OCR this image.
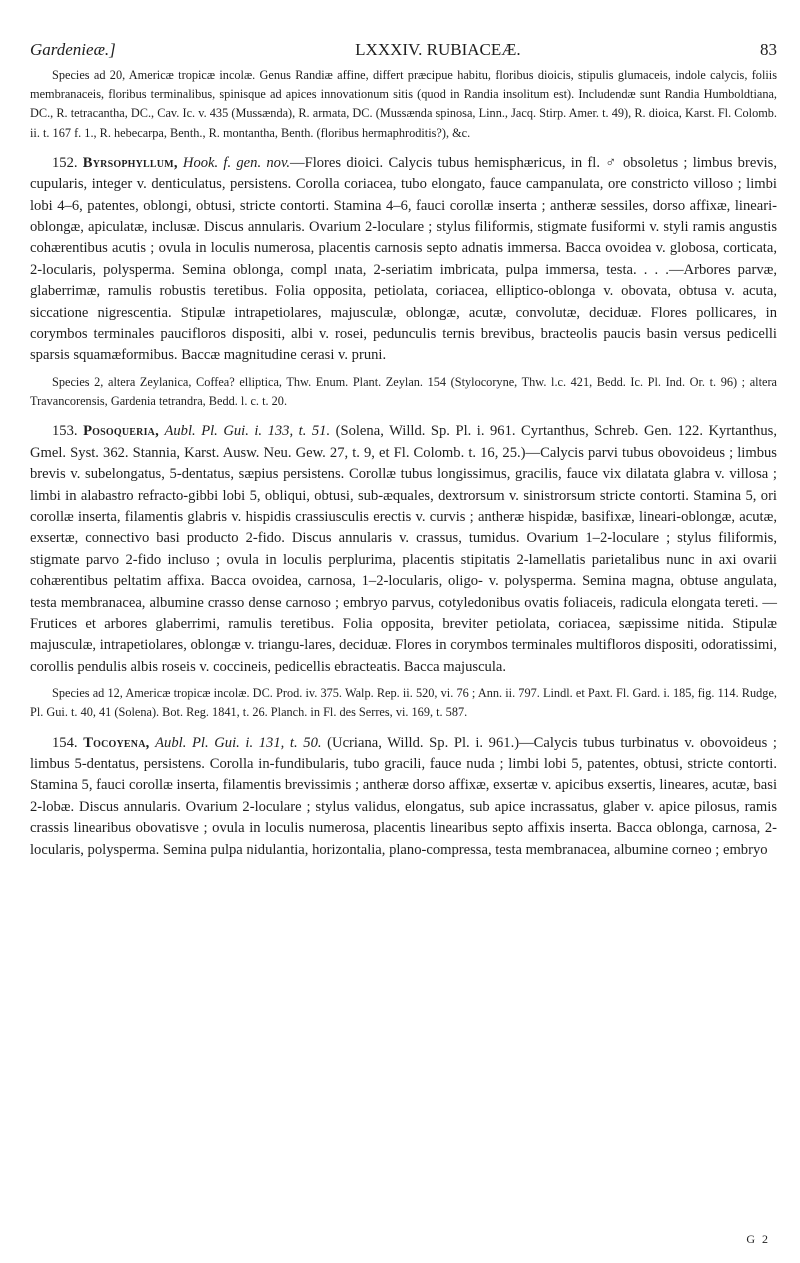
Gardenieæ.]	LXXXIV. RUBIACEÆ.	83

Species ad 20, Americæ tropicæ incolæ. Genus Randiæ affine, differt præcipue habitu, floribus dioicis, stipulis glumaceis, indole calycis, foliis membranaceis, floribus terminalibus, spinisque ad apices innovationum sitis (quod in Randia insolitum est). Includendæ sunt Randia Humboldtiana, DC., R. tetracantha, DC., Cav. Ic. v. 435 (Mussænda), R. armata, DC. (Mussænda spinosa, Linn., Jacq. Stirp. Amer. t. 49), R. dioica, Karst. Fl. Colomb. ii. t. 167 f. 1., R. hebecarpa, Benth., R. montantha, Benth. (floribus hermaphroditis?), &c.

152. Byrsophyllum, Hook. f. gen. nov.—Flores dioici. Calycis tubus hemisphæricus, in fl. ♂ obsoletus ; limbus brevis, cupularis, integer v. denticulatus, persistens. Corolla coriacea, tubo elongato, fauce campanulata, ore constricto villoso ; limbi lobi 4–6, patentes, oblongi, obtusi, stricte contorti. Stamina 4–6, fauci corollæ inserta ; antheræ sessiles, dorso affixæ, lineari-oblongæ, apiculatæ, inclusæ. Discus annularis. Ovarium 2-loculare ; stylus filiformis, stigmate fusiformi v. styli ramis angustis cohærentibus acutis ; ovula in loculis numerosa, placentis carnosis septo adnatis immersa. Bacca ovoidea v. globosa, corticata, 2-locularis, polysperma. Semina oblonga, compl ınata, 2-seriatim imbricata, pulpa immersa, testa. . . .—Arbores parvæ, glaberrimæ, ramulis robustis teretibus. Folia opposita, petiolata, coriacea, elliptico-oblonga v. obovata, obtusa v. acuta, siccatione nigrescentia. Stipulæ intrapetiolares, majusculæ, oblongæ, acutæ, convolutæ, deciduæ. Flores pollicares, in corymbos terminales paucifloros dispositi, albi v. rosei, pedunculis ternis brevibus, bracteolis paucis basin versus pedicelli sparsis squamæformibus. Baccæ magnitudine cerasi v. pruni.

Species 2, altera Zeylanica, Coffea? elliptica, Thw. Enum. Plant. Zeylan. 154 (Stylocoryne, Thw. l.c. 421, Bedd. Ic. Pl. Ind. Or. t. 96) ; altera Travancorensis, Gardenia tetrandra, Bedd. l. c. t. 20.

153. Posoqueria, Aubl. Pl. Gui. i. 133, t. 51. (Solena, Willd. Sp. Pl. i. 961. Cyrtanthus, Schreb. Gen. 122. Kyrtanthus, Gmel. Syst. 362. Stannia, Karst. Ausw. Neu. Gew. 27, t. 9, et Fl. Colomb. t. 16, 25.)—Calycis parvi tubus obovoideus ; limbus brevis v. subelongatus, 5-dentatus, sæpius persistens. Corollæ tubus longissimus, gracilis, fauce vix dilatata glabra v. villosa ; limbi in alabastro refracto-gibbi lobi 5, obliqui, obtusi, sub-æquales, dextrorsum v. sinistrorsum stricte contorti. Stamina 5, ori corollæ inserta, filamentis glabris v. hispidis crassiusculis erectis v. curvis ; antheræ hispidæ, basifixæ, lineari-oblongæ, acutæ, exsertæ, connectivo basi producto 2-fido. Discus annularis v. crassus, tumidus. Ovarium 1–2-loculare ; stylus filiformis, stigmate parvo 2-fido incluso ; ovula in loculis perplurima, placentis stipitatis 2-lamellatis parietalibus nunc in axi ovarii cohærentibus peltatim affixa. Bacca ovoidea, carnosa, 1–2-locularis, oligo- v. polysperma. Semina magna, obtuse angulata, testa membranacea, albumine crasso dense carnoso ; embryo parvus, cotyledonibus ovatis foliaceis, radicula elongata tereti. —Frutices et arbores glaberrimi, ramulis teretibus. Folia opposita, breviter petiolata, coriacea, sæpissime nitida. Stipulæ majusculæ, intrapetiolares, oblongæ v. triangu-lares, deciduæ. Flores in corymbos terminales multifloros dispositi, odoratissimi, corollis pendulis albis roseis v. coccineis, pedicellis ebracteatis. Bacca majuscula.

Species ad 12, Americæ tropicæ incolæ. DC. Prod. iv. 375. Walp. Rep. ii. 520, vi. 76 ; Ann. ii. 797. Lindl. et Paxt. Fl. Gard. i. 185, fig. 114. Rudge, Pl. Gui. t. 40, 41 (Solena). Bot. Reg. 1841, t. 26. Planch. in Fl. des Serres, vi. 169, t. 587.

154. Tocoyena, Aubl. Pl. Gui. i. 131, t. 50. (Ucriana, Willd. Sp. Pl. i. 961.)—Calycis tubus turbinatus v. obovoideus ; limbus 5-dentatus, persistens. Corolla in-fundibularis, tubo gracili, fauce nuda ; limbi lobi 5, patentes, obtusi, stricte contorti. Stamina 5, fauci corollæ inserta, filamentis brevissimis ; antheræ dorso affixæ, exsertæ v. apicibus exsertis, lineares, acutæ, basi 2-lobæ. Discus annularis. Ovarium 2-loculare ; stylus validus, elongatus, sub apice incrassatus, glaber v. apice pilosus, ramis crassis linearibus obovatisve ; ovula in loculis numerosa, placentis linearibus septo affixis inserta. Bacca oblonga, carnosa, 2-locularis, polysperma. Semina pulpa nidulantia, horizontalia, plano-compressa, testa membranacea, albumine corneo ; embryo

G 2
